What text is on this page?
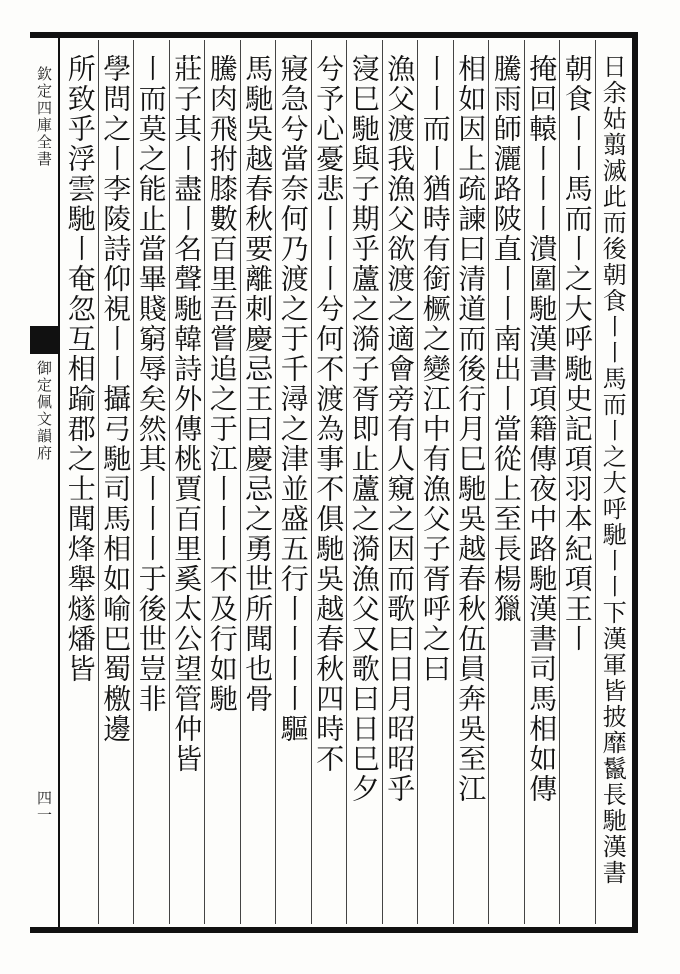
欽定四庫全書
御定佩文韻府
四一	日余姑翦滅此而後朝食〡〡馬而〡之大呼馳〡〡下漢軍皆披靡鬣長馳漢書
朝食〡〡馬而〡之大呼馳史記項羽本紀項王〡
掩回轅〡〡〡潰圍馳漢書項籍傳夜中路馳漢書司馬相如傳
騰雨師灑路陂直〡〡南出〡當從上至長楊獵
相如因上疏諫曰清道而後行月巳馳吳越春秋伍員奔吳至江
〡〡而〡猶時有銜橛之變江中有漁父子胥呼之曰
漁父渡我漁父欲渡之適會旁有人窺之因而歌曰日月昭昭乎
寖巳馳與子期乎蘆之漪子胥即止蘆之漪漁父又歌曰日巳夕
兮予心憂悲〡〡〡兮何不渡為事不俱馳吳越春秋四時不
寢急兮當奈何乃渡之于千潯之津並盛五行〡〡〡〡驅
馬馳吳越春秋要離刺慶忌王曰慶忌之勇世所聞也骨
騰肉飛拊膝數百里吾嘗追之于江〡〡〡不及行如馳
莊子其〡盡〡名聲馳韓詩外傳桃賈百里奚太公望管仲皆
〡而莫之能止當畢賤窮辱矣然其〡〡〡于後世豈非
學問之〡李陵詩仰視〡〡攝弓馳司馬相如喻巴蜀檄邊
所致乎浮雲馳〡奄忽互相踰郡之士聞烽舉燧燔皆
